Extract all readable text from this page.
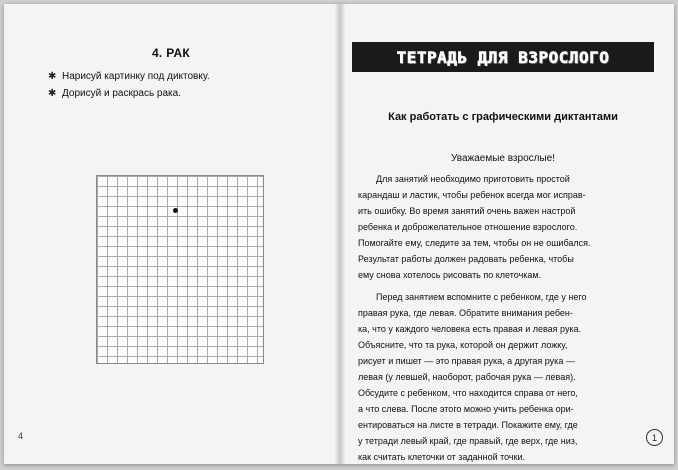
4. РАК
✱ Нарисуй картинку под диктовку.
✱ Дорисуй и раскрась рака.
4
ТЕТРАДЬ ДЛЯ ВЗРОСЛОГО
Как работать с графическими диктантами
Уважаемые взрослые!

Для занятий необходимо приготовить простой
карандаш и ластик, чтобы ребенок всегда мог исправ-
ить ошибку. Во время занятий очень важен настрой
ребенка и доброжелательное отношение взрослого.
Помогайте ему, следите за тем, чтобы он не ошибался.
Результат работы должен радовать ребенка, чтобы
ему снова хотелось рисовать по клеточкам.

Перед занятием вспомните с ребенком, где у него
правая рука, где левая. Обратите внимания ребен-
ка, что у каждого человека есть правая и левая рука.
Объясните, что та рука, которой он держит ложку,
рисует и пишет — это правая рука, а другая рука —
левая (у левшей, наоборот, рабочая рука — левая).
Обсудите с ребенком, что находится справа от него,
а что слева. После этого можно учить ребенка ори-
ентироваться на листе в тетради. Покажите ему, где
у тетради левый край, где правый, где верх, где низ,
как считать клеточки от заданной точки.

1
